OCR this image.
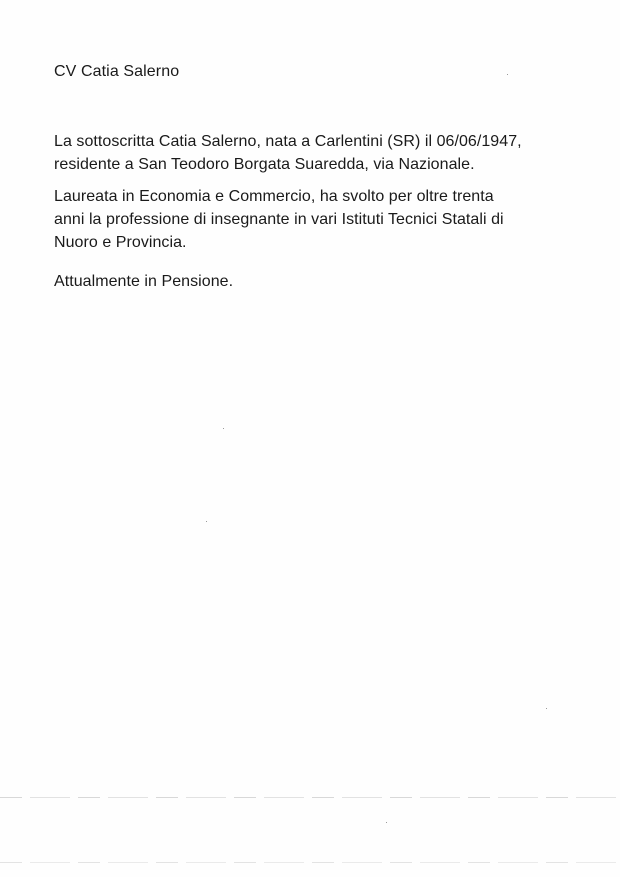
CV Catia Salerno

La sottoscritta Catia Salerno, nata a Carlentini (SR) il 06/06/1947,
residente a San Teodoro Borgata Suaredda, via Nazionale.

Laureata in Economia e Commercio, ha svolto per oltre trenta
anni la professione di insegnante in vari Istituti Tecnici Statali di
Nuoro e Provincia.

Attualmente in Pensione.
